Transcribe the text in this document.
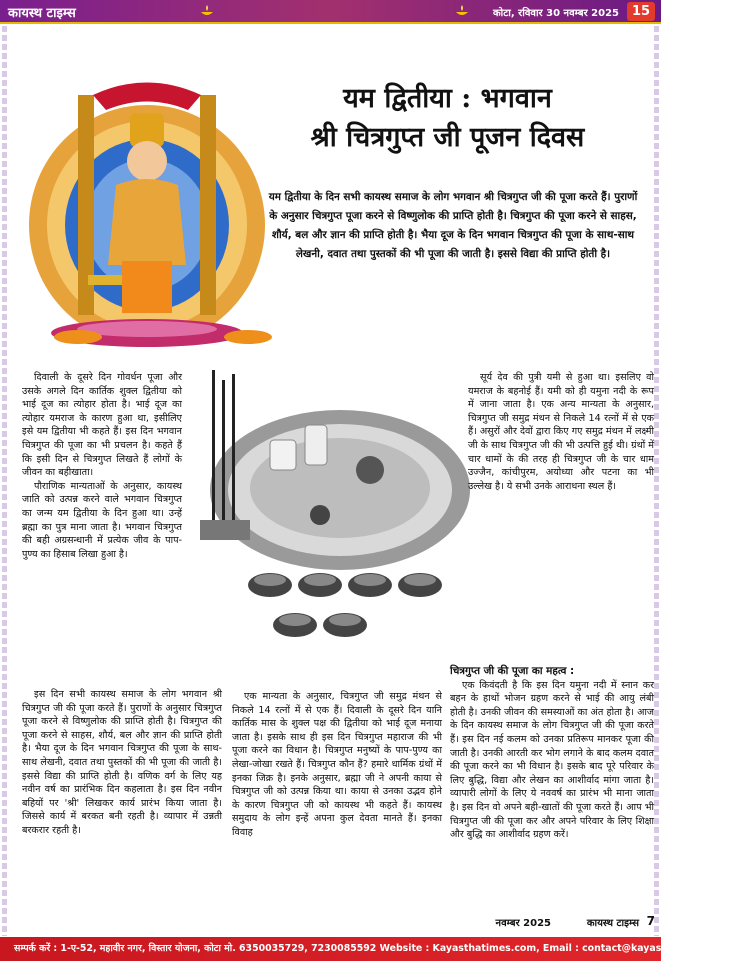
कायस्थ टाइम्स	कोटा, रविवार 30 नवम्बर 2025 15
यम द्वितीया : भगवान
श्री चित्रगुप्त जी पूजन दिवस
यम द्वितीया के दिन सभी कायस्थ समाज के लोग भगवान श्री चित्रगुप्त जी की पूजा करते हैं। पुराणों के अनुसार चित्रगुप्त पूजा करने से विष्णुलोक की प्राप्ति होती है। चित्रगुप्त की पूजा करने से साहस, शौर्य, बल और ज्ञान की प्राप्ति होती है। भैया दूज के दिन भगवान चित्रगुप्त की पूजा के साथ-साथ लेखनी, दवात तथा पुस्तकों की भी पूजा की जाती है। इससे विद्या की प्राप्ति होती है।

दिवाली के दूसरे दिन गोवर्धन पूजा और उसके अगले दिन कार्तिक शुक्ल द्वितीया को भाई दूज का त्योहार होता है। भाई दूज का त्योहार यमराज के कारण हुआ था, इसीलिए इसे यम द्वितीया भी कहते हैं। इस दिन भगवान चित्रगुप्त की पूजा का भी प्रचलन है। कहते हैं कि इसी दिन से चित्रगुप्त लिखते हैं लोगों के जीवन का बहीखाता।

पौराणिक मान्यताओं के अनुसार, कायस्थ जाति को उत्पन्न करने वाले भगवान चित्रगुप्त का जन्म यम द्वितीया के दिन हुआ था। उन्हें ब्रह्मा का पुत्र माना जाता है। भगवान चित्रगुप्त की बही अग्रसन्धानी में प्रत्येक जीव के पाप-पुण्य का हिसाब लिखा हुआ है।

इस दिन सभी कायस्थ समाज के लोग भगवान श्री चित्रगुप्त जी की पूजा करते हैं। पुराणों के अनुसार चित्रगुप्त पूजा करने से विष्णुलोक की प्राप्ति होती है। चित्रगुप्त की पूजा करने से साहस, शौर्य, बल और ज्ञान की प्राप्ति होती है। भैया दूज के दिन भगवान चित्रगुप्त की पूजा के साथ-साथ लेखनी, दवात तथा पुस्तकों की भी पूजा की जाती है। इससे विद्या की प्राप्ति होती है। वणिक वर्ग के लिए यह नवीन वर्ष का प्रारंभिक दिन कहलाता है। इस दिन नवीन बहियों पर 'श्री' लिखकर कार्य प्रारंभ किया जाता है। जिससे कार्य में बरकत बनी रहती है। व्यापार में उन्नती बरकरार रहती है।

सूर्य देव की पुत्री यमी से हुआ था। इसलिए वो यमराज के बहनोई हैं। यमी को ही यमुना नदी के रूप में जाना जाता है। एक अन्य मान्यता के अनुसार, चित्रगुप्त जी समुद्र मंथन से निकले 14 रत्नों में से एक हैं। असुरों और देवों द्वारा किए गए समुद्र मंथन में लक्ष्मी जी के साथ चित्रगुप्त जी की भी उत्पत्ति हुई थी। ग्रंथों में चार धामों के की तरह ही चित्रगुप्त जी के चार धाम उज्जैन, कांचीपुरम, अयोध्या और पटना का भी उल्लेख है। ये सभी उनके आराधना स्थल हैं।

एक मान्यता के अनुसार, चित्रगुप्त जी समुद्र मंथन से निकले 14 रत्नों में से एक हैं। दिवाली के दूसरे दिन यानि कार्तिक मास के शुक्ल पक्ष की द्वितीया को भाई दूज मनाया जाता है। इसके साथ ही इस दिन चित्रगुप्त महाराज की भी पूजा करने का विधान है। चित्रगुप्त मनुष्यों के पाप-पुण्य का लेखा-जोखा रखते हैं। चित्रगुप्त कौन हैं? हमारे धार्मिक ग्रंथों में इनका जिक्र है। इनके अनुसार, ब्रह्मा जी ने अपनी काया से चित्रगुप्त जी को उत्पन्न किया था। काया से उनका उद्भव होने के कारण चित्रगुप्त जी को कायस्थ भी कहते हैं। कायस्थ समुदाय के लोग इन्हें अपना कुल देवता मानते हैं। इनका विवाह

चित्रगुप्त जी की पूजा का महत्व :

एक किवंदती है कि इस दिन यमुना नदी में स्नान कर बहन के हाथों भोजन ग्रहण करने से भाई की आयु लंबी होती है। उनकी जीवन की समस्याओं का अंत होता है। आज के दिन कायस्थ समाज के लोग चित्रगुप्त जी की पूजा करते हैं। इस दिन नई कलम को उनका प्रतिरूप मानकर पूजा की जाती है। उनकी आरती कर भोग लगाने के बाद कलम दवात की पूजा करने का भी विधान है। इसके बाद पूरे परिवार के लिए बुद्धि, विद्या और लेखन का आशीर्वाद मांगा जाता है। व्यापारी लोगों के लिए ये नववर्ष का प्रारंभ भी माना जाता है। इस दिन वो अपने बही-खातों की पूजा करते हैं। आप भी चित्रगुप्त जी की पूजा कर और अपने परिवार के लिए शिक्षा और बुद्धि का आशीर्वाद ग्रहण करें।

नवम्बर 2025	कायस्थ टाइम्स 7
सम्पर्क करें : 1-ए-52, महावीर नगर, विस्तार योजना, कोटा मो. 6350035729, 7230085592 Website : Kayasthatimes.com, Email : contact@kayasthatimes.com
